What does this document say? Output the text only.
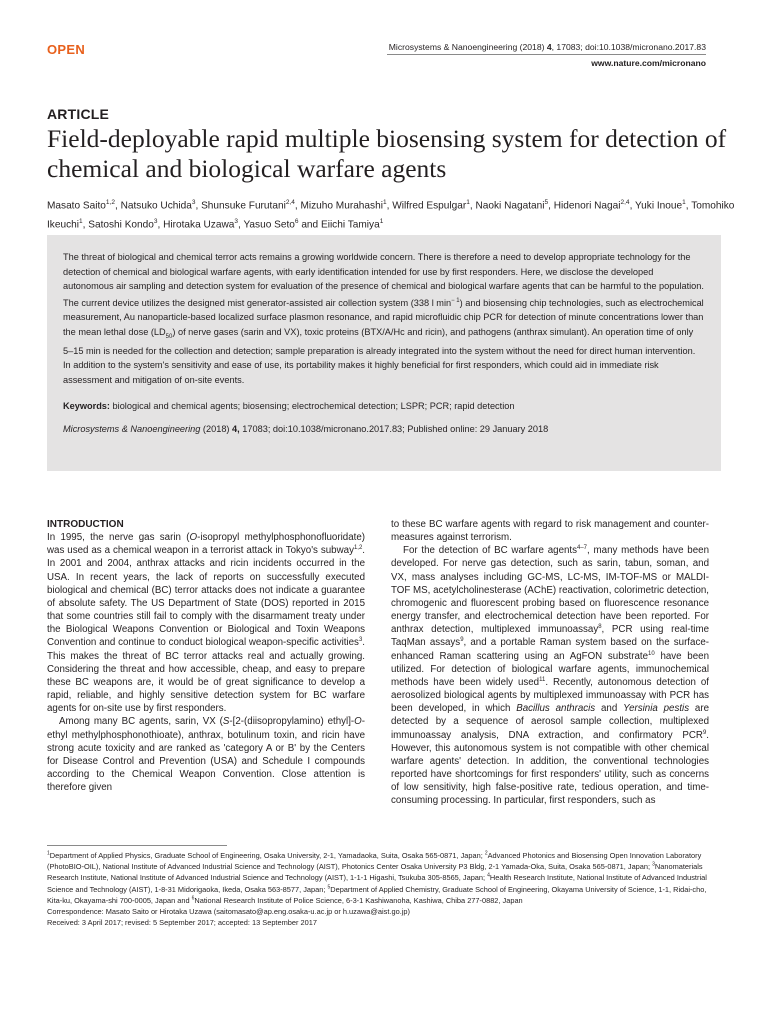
OPEN	Microsystems & Nanoengineering (2018) 4, 17083; doi:10.1038/micronano.2017.83
www.nature.com/micronano
ARTICLE
Field-deployable rapid multiple biosensing system for detection of chemical and biological warfare agents
Masato Saito$^{1,2}$, Natsuko Uchida$^3$, Shunsuke Furutani$^{2,4}$, Mizuho Murahashi$^1$, Wilfred Espulgar$^1$, Naoki Nagatani$^5$, Hidenori Nagai$^{2,4}$, Yuki Inoue$^1$, Tomohiko Ikeuchi$^1$, Satoshi Kondo$^3$, Hirotaka Uzawa$^3$, Yasuo Seto$^6$ and Eiichi Tamiya$^1$

The threat of biological and chemical terror acts remains a growing worldwide concern. There is therefore a need to develop appropriate technology for the detection of chemical and biological warfare agents, with early identification intended for use by first responders. Here, we disclose the developed autonomous air sampling and detection system for evaluation of the presence of chemical and biological warfare agents that can be harmful to the population. The current device utilizes the designed mist generator-assisted air collection system (338 l $\min^{- 1}$) and biosensing chip technologies, such as electrochemical measurement, Au nanoparticle-based localized surface plasmon resonance, and rapid microfluidic chip PCR for detection of minute concentrations lower than the mean lethal dose $(LD_{50})$ of nerve gases (sarin and VX), toxic proteins (BTX/A/Hc and ricin), and pathogens (anthrax simulant). An operation time of only 5–15 min is needed for the collection and detection; sample preparation is already integrated into the system without the need for direct human intervention. In addition to the system's sensitivity and ease of use, its portability makes it highly beneficial for first responders, which could aid in immediate risk assessment and mitigation of on-site events.

Keywords: biological and chemical agents; biosensing; electrochemical detection; LSPR; PCR; rapid detection
Microsystems & Nanoengineering (2018) 4, 17083; doi:10.1038/micronano.2017.83; Published online: 29 January 2018
INTRODUCTION

In 1995, the nerve gas sarin (O-isopropyl methylphosphonofluoridate) was used as a chemical weapon in a terrorist attack in Tokyo's subway$^{1,2}$. In 2001 and 2004, anthrax attacks and ricin incidents occurred in the USA. In recent years, the lack of reports on successfully executed biological and chemical (BC) terror attacks does not indicate a guarantee of absolute safety. The US Department of State (DOS) reported in 2015 that some countries still fail to comply with the disarmament treaty under the Biological Weapons Convention or Biological and Toxin Weapons Convention and continue to conduct biological weapon-specific activities$^3$. This makes the threat of BC terror attacks real and actually growing. Considering the threat and how accessible, cheap, and easy to prepare these BC weapons are, it would be of great significance to develop a rapid, reliable, and highly sensitive detection system for BC warfare agents for on-site use by first responders.

Among many BC agents, sarin, VX (S-[2-(diisopropylamino) ethyl]-O-ethyl methylphosphonothioate), anthrax, botulinum toxin, and ricin have strong acute toxicity and are ranked as 'category A or B' by the Centers for Disease Control and Prevention (USA) and Schedule I compounds according to the Chemical Weapon Convention. Close attention is therefore given

to these BC warfare agents with regard to risk management and counter-measures against terrorism.

For the detection of BC warfare agents$^{4-7}$, many methods have been developed. For nerve gas detection, such as sarin, tabun, soman, and VX, mass analyses including GC-MS, LC-MS, IM-TOF-MS or MALDI-TOF MS, acetylcholinesterase (AChE) reactivation, colorimetric detection, chromogenic and fluorescent probing based on fluorescence resonance energy transfer, and electrochemical detection have been reported. For anthrax detection, multiplexed immunoassay$^8$, PCR using real-time TaqMan assays$^9$, and a portable Raman system based on the surface-enhanced Raman scattering using an AgFON substrate$^{10}$ have been utilized. For detection of biological warfare agents, immunochemical methods have been widely used$^{11}$. Recently, autonomous detection of aerosolized biological agents by multiplexed immunoassay with PCR has been developed, in which Bacillus anthracis and Yersinia pestis are detected by a sequence of aerosol sample collection, multiplexed immunoassay analysis, DNA extraction, and confirmatory PCR$^9$. However, this autonomous system is not compatible with other chemical warfare agents' detection. In addition, the conventional technologies reported have shortcomings for first responders' utility, such as concerns of low sensitivity, high false-positive rate, tedious operation, and time-consuming processing. In particular, first responders, such as

$^1$Department of Applied Physics, Graduate School of Engineering, Osaka University, 2-1, Yamadaoka, Suita, Osaka 565-0871, Japan; $^2$Advanced Photonics and Biosensing Open Innovation Laboratory (PhotoBIO-OIL), National Institute of Advanced Industrial Science and Technology (AIST), Photonics Center Osaka University P3 Bldg, 2-1 Yamada-Oka, Suita, Osaka 565-0871, Japan; $^3$Nanomaterials Research Institute, National Institute of Advanced Industrial Science and Technology (AIST), 1-1-1 Higashi, Tsukuba 305-8565, Japan; $^4$Health Research Institute, National Institute of Advanced Industrial Science and Technology (AIST), 1-8-31 Midorigaoka, Ikeda, Osaka 563-8577, Japan; $^5$Department of Applied Chemistry, Graduate School of Engineering, Okayama University of Science, 1-1, Ridai-cho, Kita-ku, Okayama-shi 700-0005, Japan and $^6$National Research Institute of Police Science, 6-3-1 Kashiwanoha, Kashiwa, Chiba 277-0882, Japan

Correspondence: Masato Saito or Hirotaka Uzawa (saitomasato@ap.eng.osaka-u.ac.jp or h.uzawa@aist.go.jp)

Received: 3 April 2017; revised: 5 September 2017; accepted: 13 September 2017
